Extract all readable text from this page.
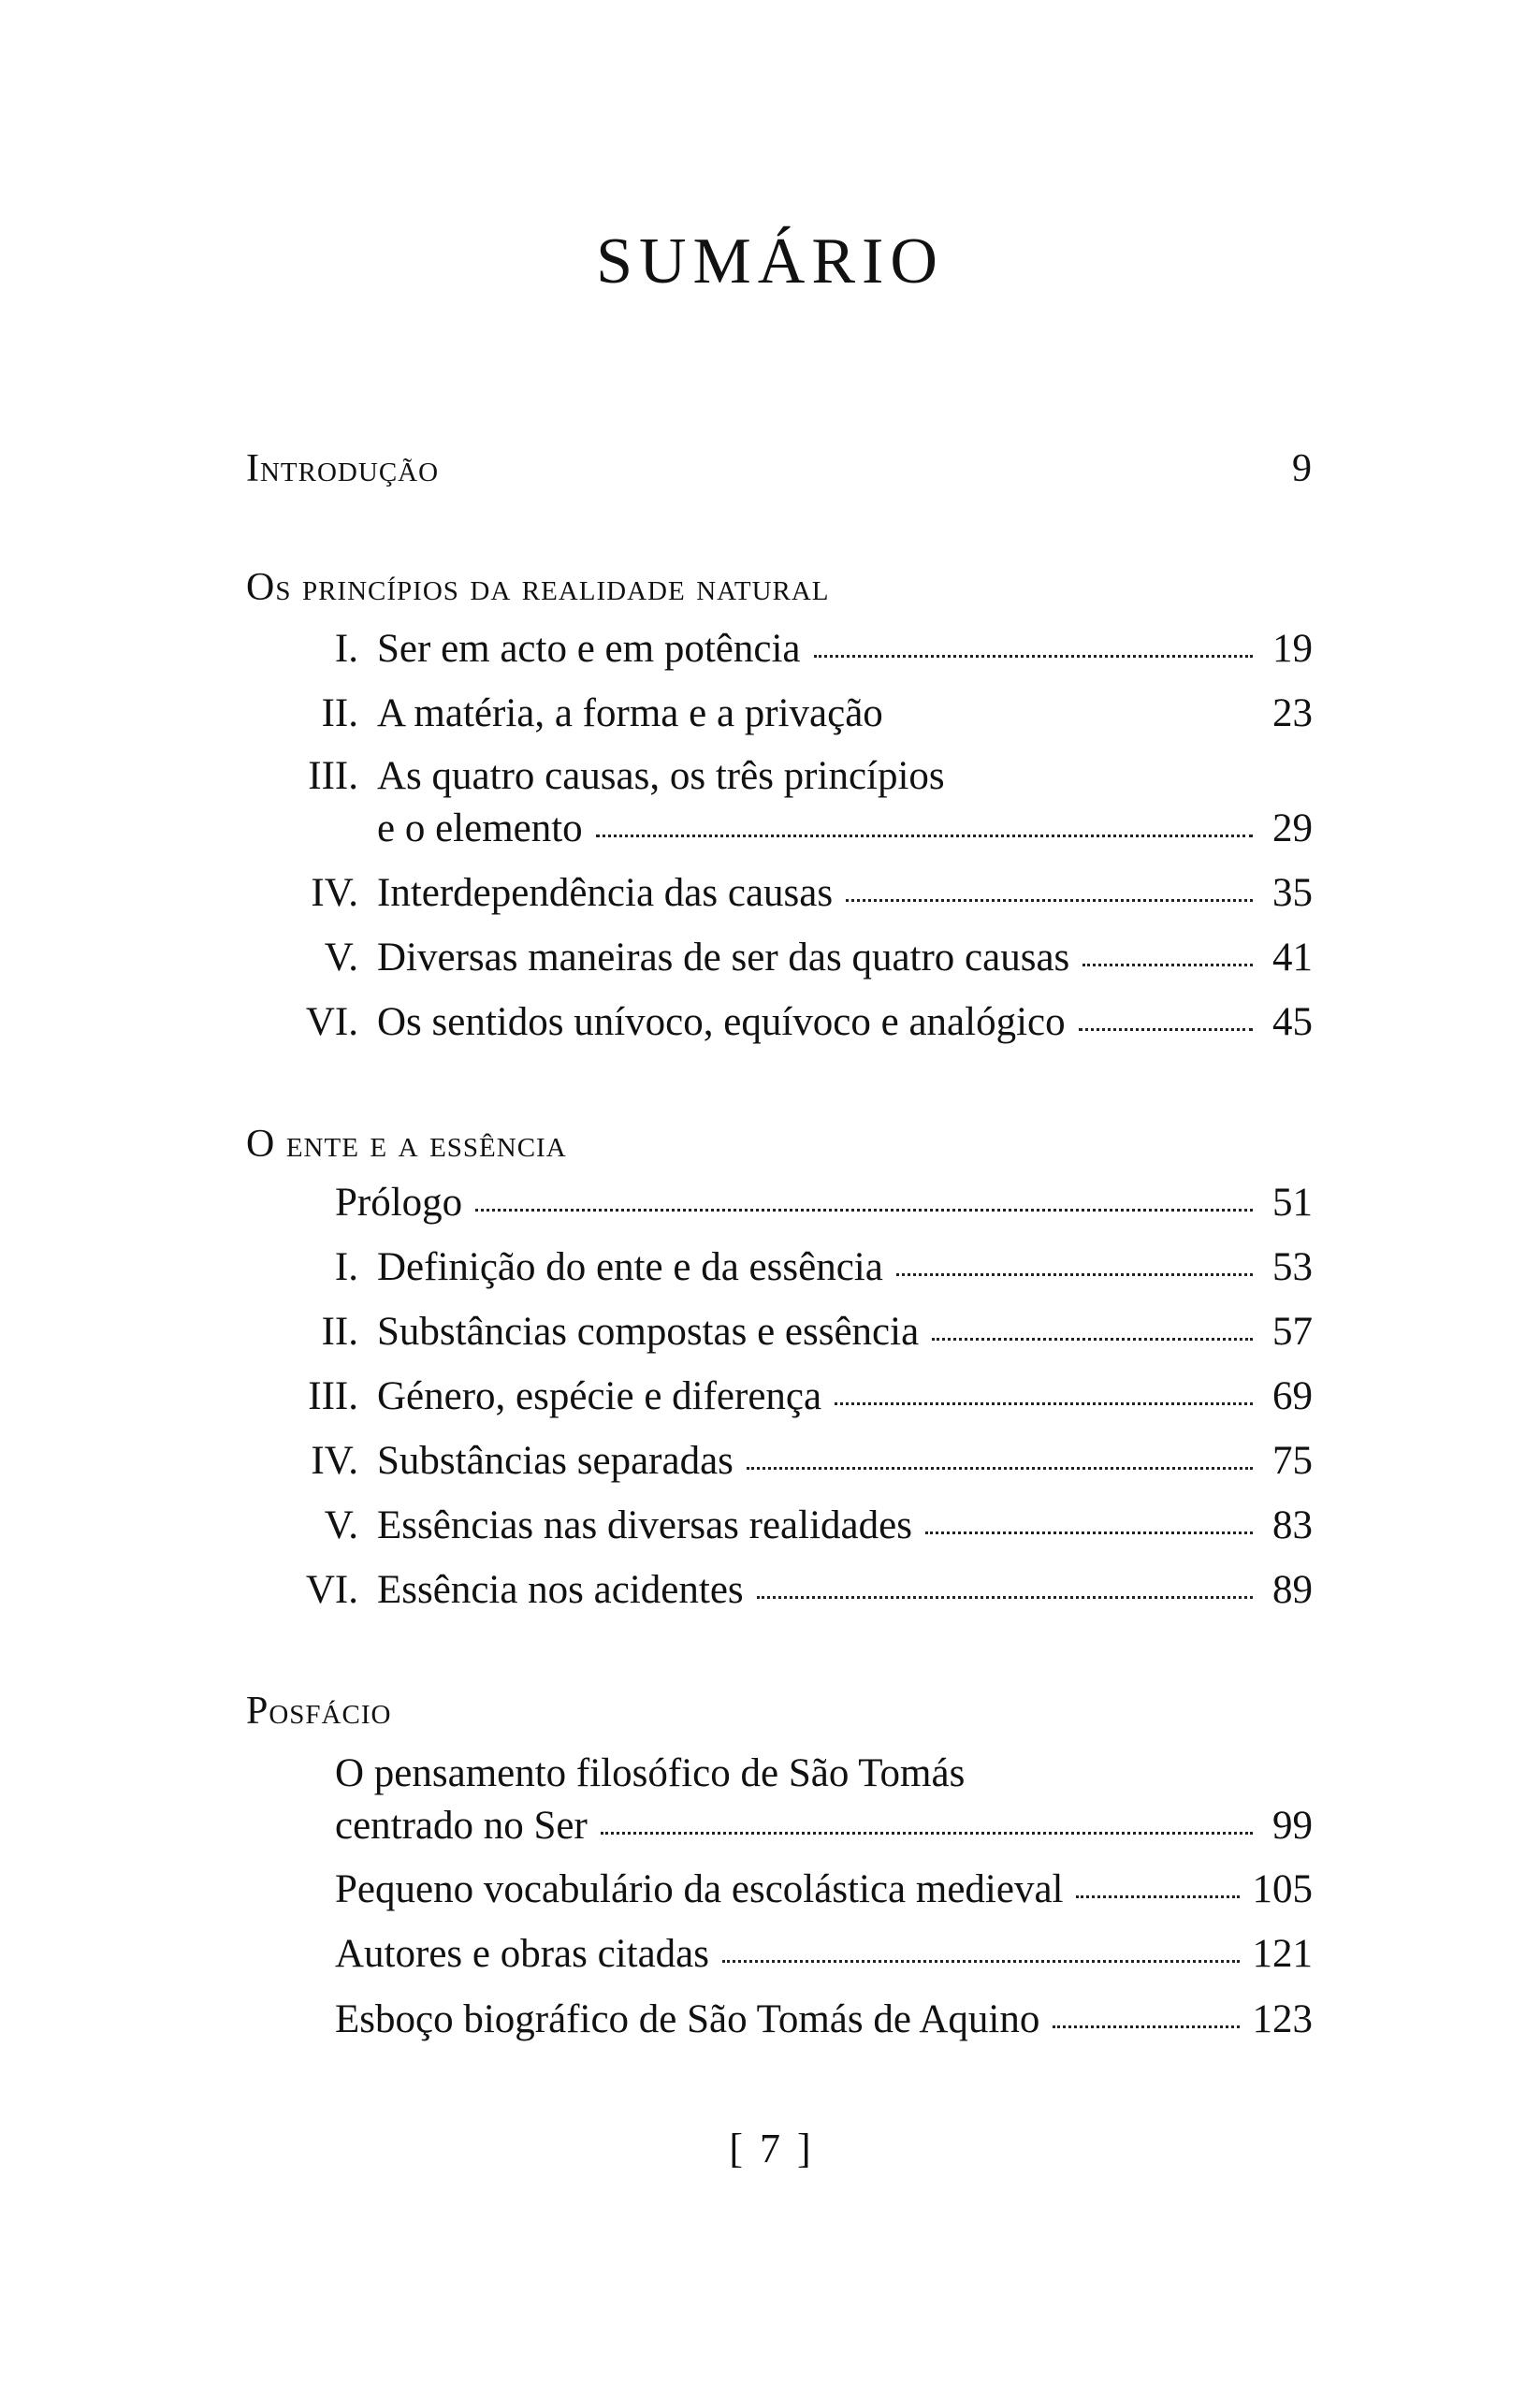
SUMÁRIO
Introdução	9
Os princípios da realidade natural
I. Ser em acto e em potência	19
II. A matéria, a forma e a privação	23
III. As quatro causas, os três princípios
e o elemento	29
IV. Interdependência das causas	35
V. Diversas maneiras de ser das quatro causas	41
VI. Os sentidos unívoco, equívoco e analógico	45
O ente e a essência
Prólogo	51
I. Definição do ente e da essência	53
II. Substâncias compostas e essência	57
III. Género, espécie e diferença	69
IV. Substâncias separadas	75
V. Essências nas diversas realidades	83
VI. Essência nos acidentes	89
Posfácio
O pensamento filosófico de São Tomás
centrado no Ser	99
Pequeno vocabulário da escolástica medieval	105
Autores e obras citadas	121
Esboço biográfico de São Tomás de Aquino	123
[ 7 ]
